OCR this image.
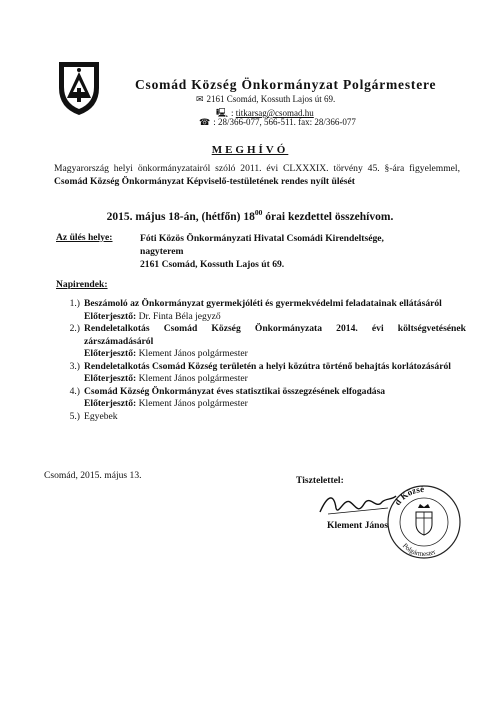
Csomád Község Önkormányzat Polgármestere
✉ 2161 Csomád, Kossuth Lajos út 69.
🖳 : titkarsag@csomad.hu
☎ : 28/366-077, 566-511. fax: 28/366-077
MEGHÍVÓ
Magyarország helyi önkormányzatairól szóló 2011. évi CLXXXIX. törvény 45. §-ára figyelemmel, Csomád Község Önkormányzat Képviselő-testületének rendes nyílt ülését
2015. május 18-án, (hétfőn) $18^{00}$ órai kezdettel összehívom.
Az ülés helye:	Fóti Közös Önkormányzati Hivatal Csomádi Kirendeltsége,
nagyterem
2161 Csomád, Kossuth Lajos út 69.
Napirendek:
1.) Beszámoló az Önkormányzat gyermekjóléti és gyermekvédelmi feladatainak ellátásáról
Előterjesztő: Dr. Finta Béla jegyző
2.) Rendeletalkotás Csomád Község Önkormányzata 2014. évi költségvetésének zárszámadásáról
Előterjesztő: Klement János polgármester
3.) Rendeletalkotás Csomád Község területén a helyi közútra történő behajtás korlátozásáról
Előterjesztő: Klement János polgármester
4.) Csomád Község Önkormányzat éves statisztikai összegzésének elfogadása
Előterjesztő: Klement János polgármester
5.) Egyebek
Csomád, 2015. május 13.	Tisztelettel:
Klement János
d Közsé
Polgármester
